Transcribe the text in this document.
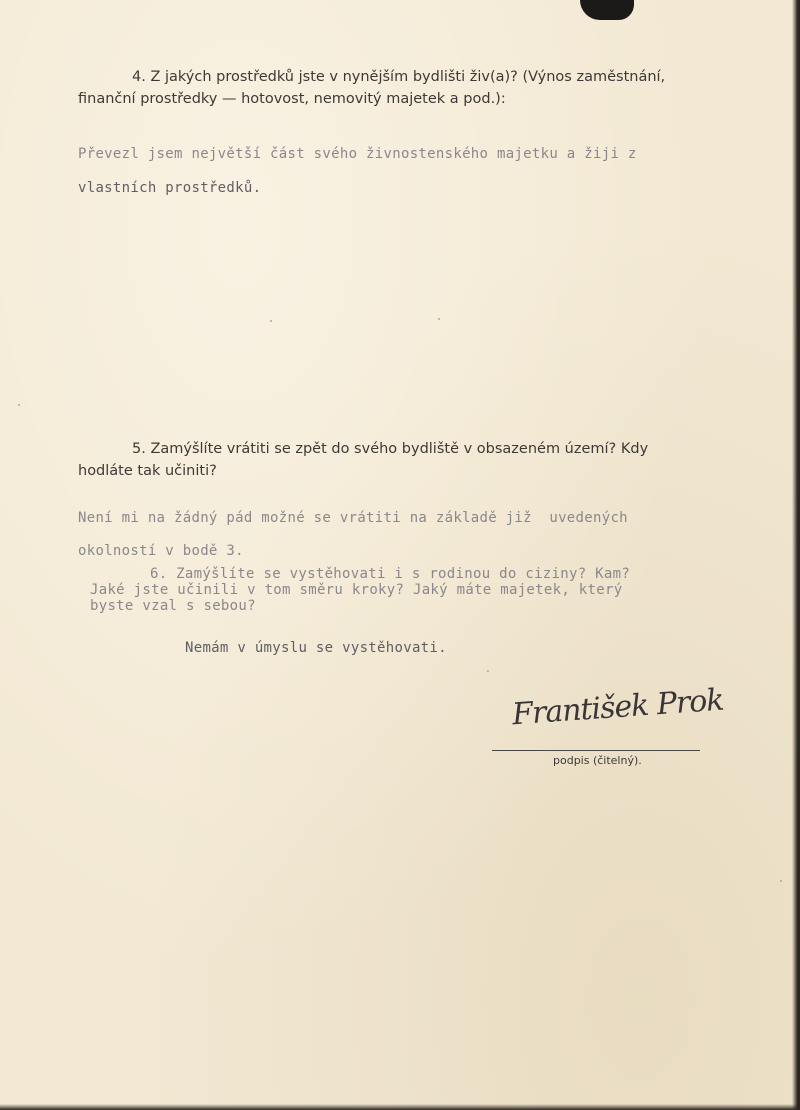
4. Z jakých prostředků jste v nynějším bydlišti živ(a)? (Výnos zaměstnání,
finanční prostředky — hotovost, nemovitý majetek a pod.):
Převezl jsem největší část svého živnostenského majetku a žiji z
vlastních prostředků.
5. Zamýšlíte vrátiti se zpět do svého bydliště v obsazeném území? Kdy
hodláte tak učiniti?
Není mi na žádný pád možné se vrátiti na základě již  uvedených
okolností v bodě 3.
6. Zamýšlíte se vystěhovati i s rodinou do ciziny? Kam?
Jaké jste učinili v tom směru kroky? Jaký máte majetek, který
byste vzal s sebou?
Nemám v úmyslu se vystěhovati.
František Prok
podpis (čitelný).
